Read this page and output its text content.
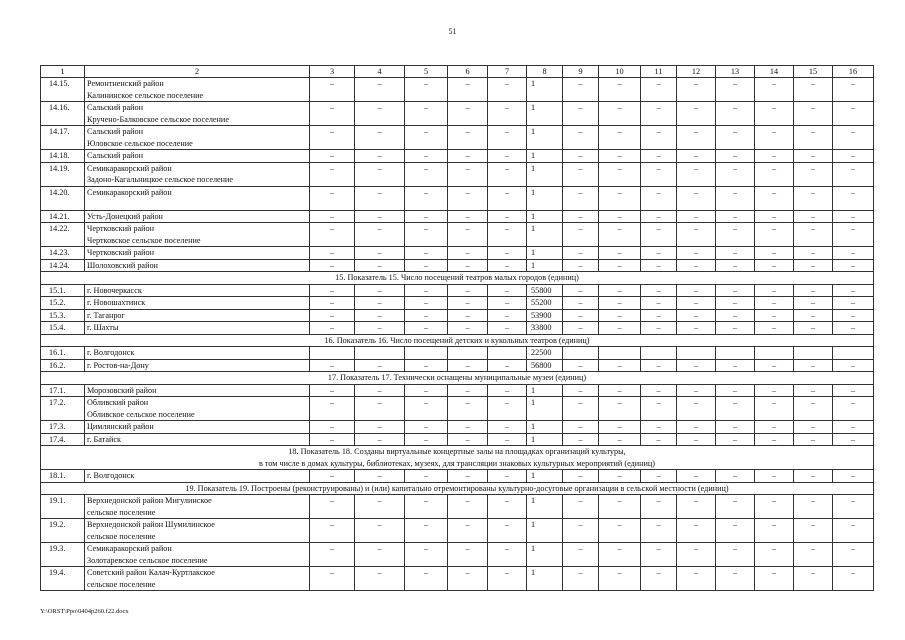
51
1	2	3	4	5	6	7	8	9	10	11	12	13	14	15	16
14.15.	Ремонтненский район
Калининское сельское поселение	–	–	–	–	–	1	–	–	–	–	–	–	–	–
14.16.	Сальский район
Кручено-Балковское сельское поселение	–	–	–	–	–	1	–	–	–	–	–	–	–	–
14.17.	Сальский район
Юловское сельское поселение	–	–	–	–	–	1	–	–	–	–	–	–	–	–
14.18.	Сальский район	–	–	–	–	–	1	–	–	–	–	–	–	–	–
14.19.	Семикаракорский район
Задоно-Кагальницкое сельское поселение	–	–	–	–	–	1	–	–	–	–	–	–	–	–
14.20.	Семикаракорский район	–	–	–	–	–	1	–	–	–	–	–	–	–	–
14.21.	Усть-Донецкий район	–	–	–	–	–	1	–	–	–	–	–	–	–	–
14.22.	Чертковский район
Чертковское сельское поселение	–	–	–	–	–	1	–	–	–	–	–	–	–	–
14.23.	Чертковский район	–	–	–	–	–	1	–	–	–	–	–	–	–	–
14.24.	Шолоховский район	–	–	–	–	–	1	–	–	–	–	–	–	–	–

15. Показатель 15. Число посещений театров малых городов (единиц)															

15.1.	г. Новочеркасск	–	–	–	–	–	55800	–	–	–	–	–	–	–	–
15.2.	г. Новошахтинск	–	–	–	–	–	55200	–	–	–	–	–	–	–	–
15.3.	г. Таганрог	–	–	–	–	–	53900	–	–	–	–	–	–	–	–
15.4.	г. Шахты	–	–	–	–	–	33800	–	–	–	–	–	–	–	–

16. Показатель 16. Число посещений детских и кукольных театров (единиц)															

16.1.	г. Волгодонск						22500								
16.2.	г. Ростов-на-Дону	–	–	–	–	–	56800	–	–	–	–	–	–	–	–

17. Показатель 17. Технически оснащены муниципальные музеи (единиц)															

17.1.	Морозовский район	–	–	–	–	–	1	–	–	–	–	–	–	–	–
17.2.	Обливский район
Обливское сельское поселение	–	–	–	–	–	1	–	–	–	–	–	–	–	–
17.3.	Цимлянский район	–	–	–	–	–	1	–	–	–	–	–	–	–	–
17.4.	г. Батайск	–	–	–	–	–	1	–	–	–	–	–	–	–	–

18. Показатель 18. Созданы виртуальные концертные залы на площадках организаций культуры,
в том числе в домах культуры, библиотеках, музеях, для трансляции знаковых культурных мероприятий (единиц)															

18.1.	г. Волгодонск	–	–	–	–	–	1	–	–	–	–	–	–	–	–

19. Показатель 19. Построены (реконструированы) и (или) капитально отремонтированы культурно-досуговые организации в сельской местности (единиц)															

19.1.	Верхнедонской район Мигулинское
сельское поселение	–	–	–	–	–	1	–	–	–	–	–	–	–	–
19.2.	Верхнедонской район Шумилинское
сельское поселение	–	–	–	–	–	1	–	–	–	–	–	–	–	–
19.3.	Семикаракорский район
Золотаревское сельское поселение	–	–	–	–	–	1	–	–	–	–	–	–	–	–
19.4.	Советский район Калач-Куртлакское
сельское поселение	–	–	–	–	–	1	–	–	–	–	–	–	–	–
Y:\ORST\Ppo\0404p260.f22.docx
